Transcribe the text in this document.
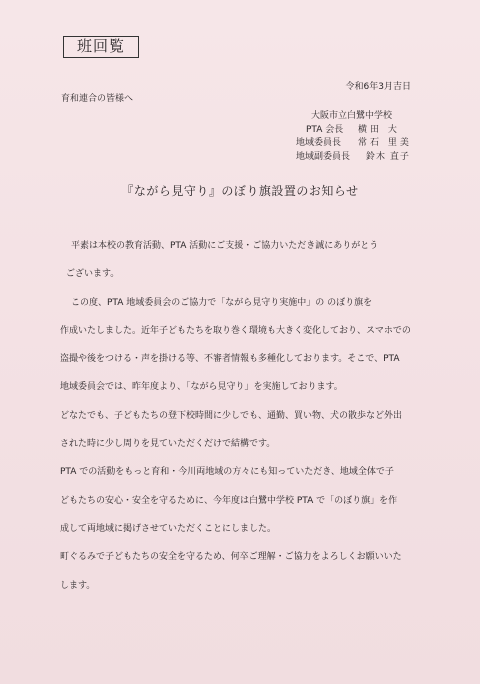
班回覧
令和6年3月吉日
育和連合の皆様へ
大阪市立白鷺中学校
PTA 会長	横田 大
地域委員長	常石 里美
地域副委員長	鈴木 直子
『ながら見守り』のぼり旗設置のお知らせ

平素は本校の教育活動、PTA 活動にご支援・ご協力いただき誠にありがとう

ございます。

この度、PTA 地域委員会のご協力で「ながら見守り実施中」の のぼり旗を

作成いたしました。近年子どもたちを取り巻く環境も大きく変化しており、スマホでの

盗撮や後をつける・声を掛ける等、不審者情報も多種化しております。そこで、PTA

地域委員会では、昨年度より、「ながら見守り」を実施しております。

どなたでも、子どもたちの登下校時間に少しでも、通勤、買い物、犬の散歩など外出

された時に少し周りを見ていただくだけで結構です。

PTA での活動をもっと育和・今川両地域の方々にも知っていただき、地域全体で子

どもたちの安心・安全を守るために、今年度は白鷺中学校 PTA で「のぼり旗」を作

成して両地域に掲げさせていただくことにしました。

町ぐるみで子どもたちの安全を守るため、何卒ご理解・ご協力をよろしくお願いいた

します。
